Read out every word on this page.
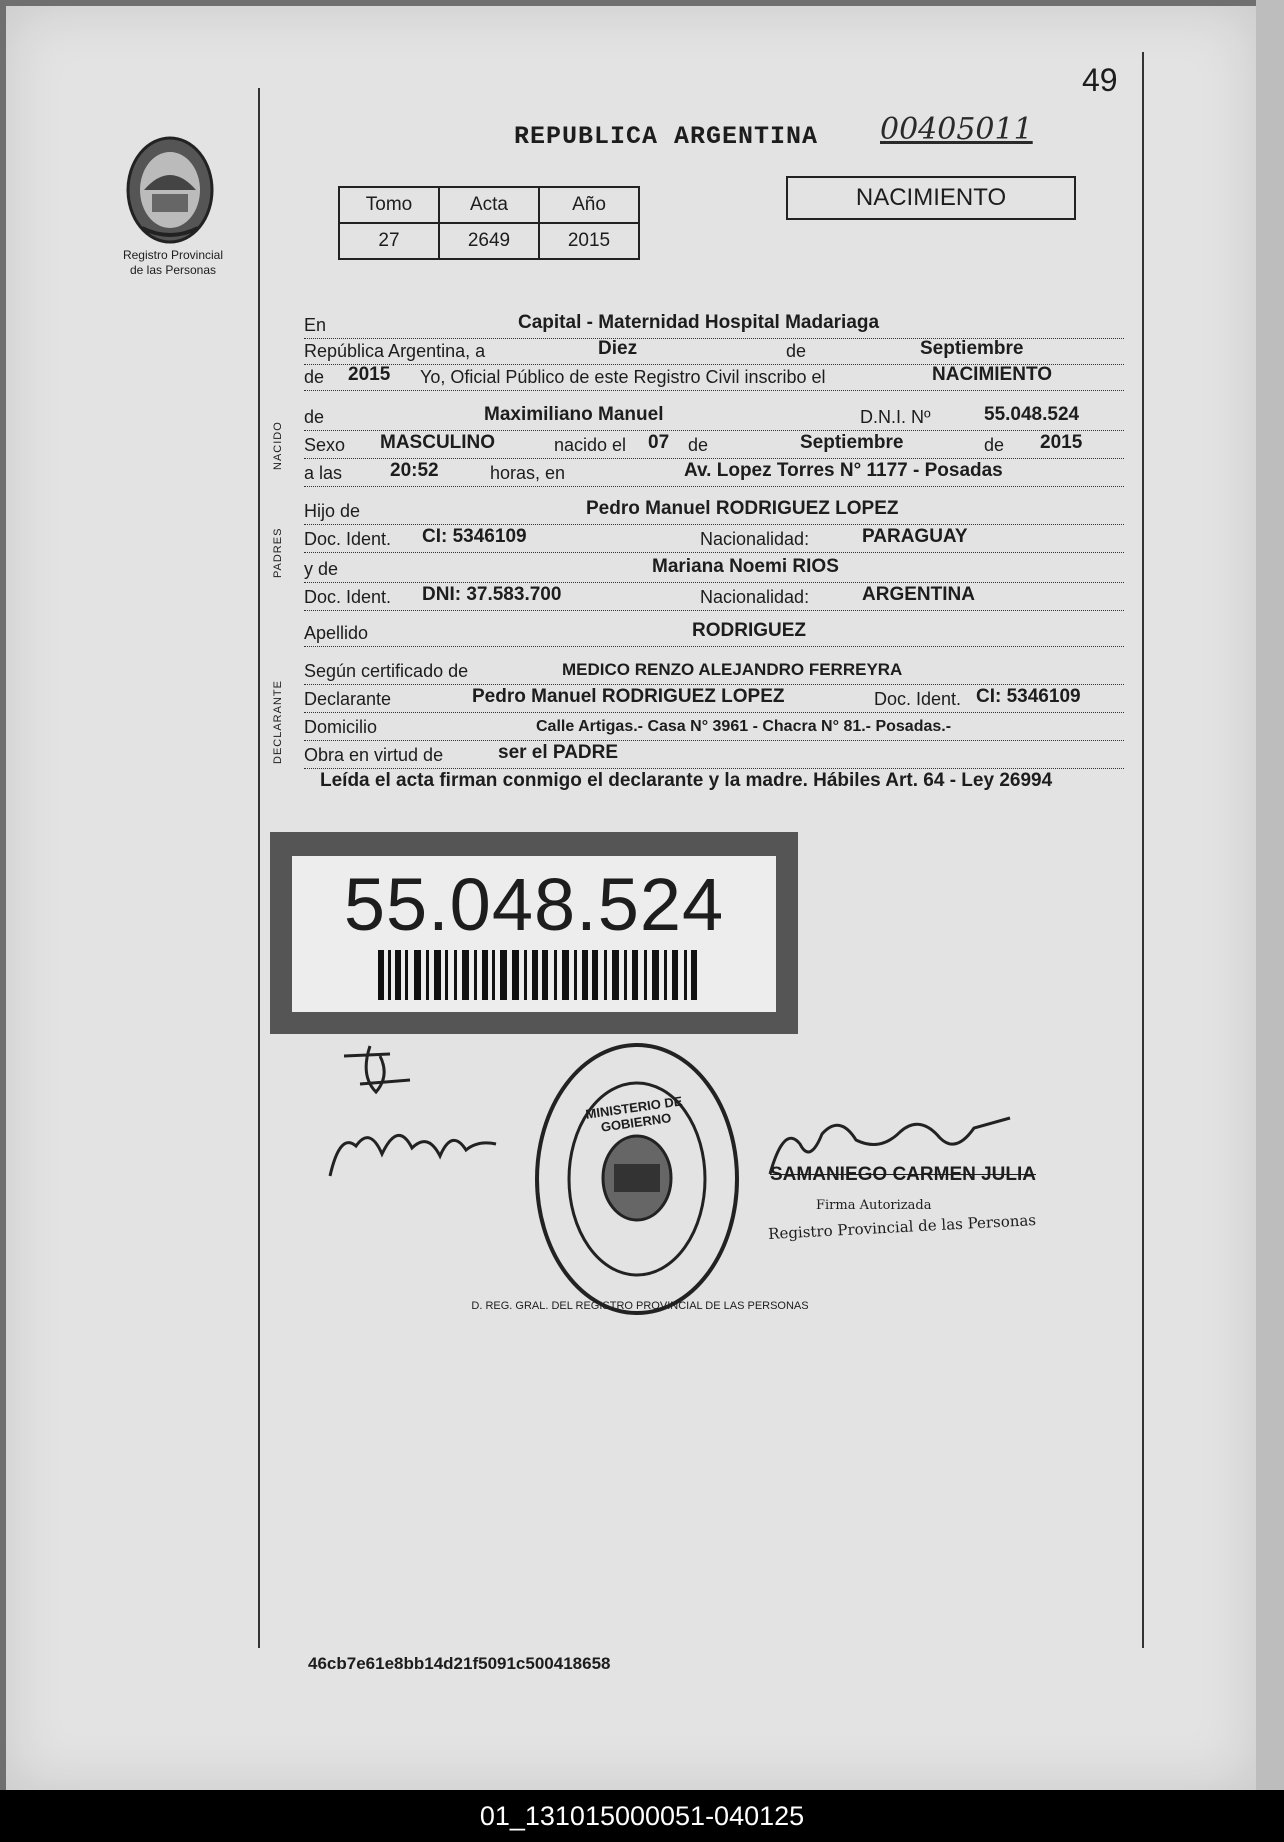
49
Registro Provincial
de las Personas
REPUBLICA ARGENTINA 00405011
Tomo	Acta	Año
27	2649	2015
NACIMIENTO
En	Capital - Maternidad Hospital Madariaga
República Argentina, a	Diez	de	Septiembre
de 2015 Yo, Oficial Público de este Registro Civil inscribo el	NACIMIENTO
de	Maximiliano Manuel	D.N.I. Nº	55.048.524
Sexo MASCULINO	nacido el 07 de	Septiembre	de 2015
a las	20:52	horas, en	Av. Lopez Torres N° 1177 - Posadas
Hijo de	Pedro Manuel RODRIGUEZ LOPEZ
Doc. Ident. CI: 5346109	Nacionalidad:	PARAGUAY
y de	Mariana Noemi RIOS
Doc. Ident. DNI: 37.583.700	Nacionalidad:	ARGENTINA
Apellido	RODRIGUEZ
Según certificado de	MEDICO RENZO ALEJANDRO FERREYRA
Declarante	Pedro Manuel RODRIGUEZ LOPEZ	Doc. Ident. CI: 5346109
Domicilio	Calle Artigas.- Casa N° 3961 - Chacra N° 81.- Posadas.-
Obra en virtud de	ser el PADRE
NACIDO
PADRES
DECLARANTE
Leída el acta firman conmigo el declarante y la madre. Hábiles Art. 64 - Ley 26994
55.048.524
MINISTERIO DE GOBIERNO
D. REG. GRAL. DEL REGISTRO PROVINCIAL DE LAS PERSONAS
SAMANIEGO CARMEN JULIA
Firma Autorizada
Registro Provincial de las Personas
46cb7e61e8bb14d21f5091c500418658
01_131015000051-040125
